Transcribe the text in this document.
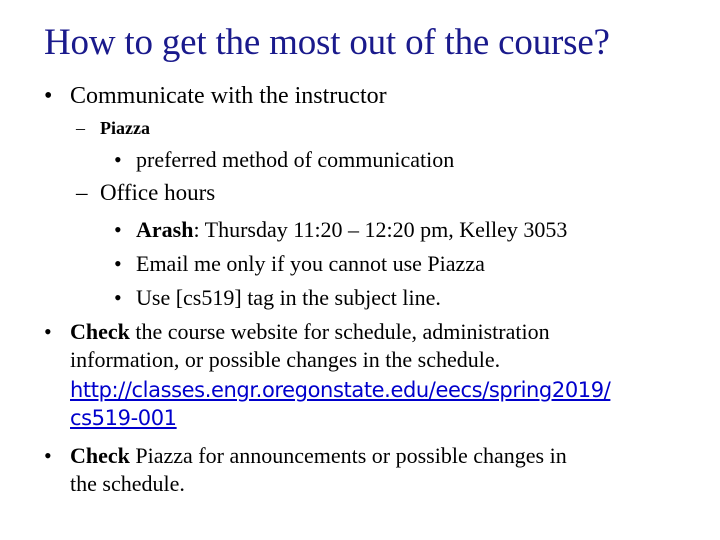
How to get the most out of the course?
• Communicate with the instructor
– Piazza
• preferred method of communication
– Office hours
• Arash: Thursday 11:20 – 12:20 pm, Kelley 3053
• Email me only if you cannot use Piazza
• Use [cs519] tag in the subject line.
• Check the course website for schedule, administration
information, or possible changes in the schedule.
http://classes.engr.oregonstate.edu/eecs/spring2019/
cs519-001
• Check Piazza for announcements or possible changes in
the schedule.
